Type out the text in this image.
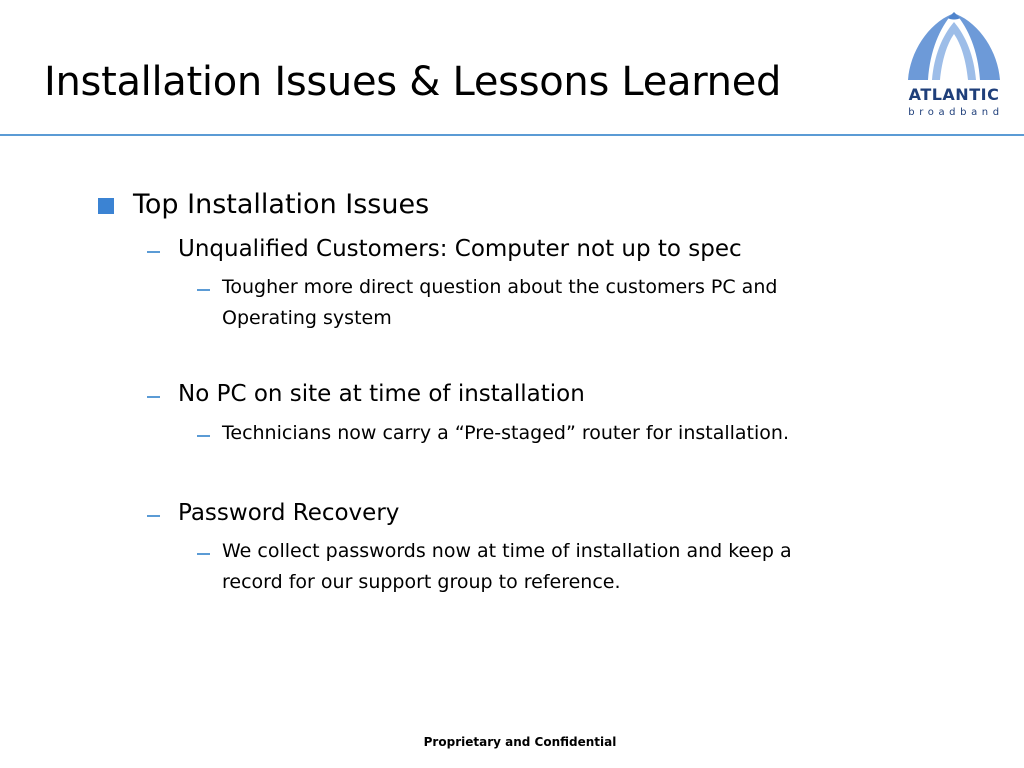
Installation Issues & Lessons Learned	ATLANTIC
broadband
Top Installation Issues
Unqualified Customers: Computer not up to spec
Tougher more direct question about the customers PC and
Operating system
No PC on site at time of installation
Technicians now carry a “Pre-staged” router for installation.
Password Recovery
We collect passwords now at time of installation and keep a
record for our support group to reference.
Proprietary and Confidential
